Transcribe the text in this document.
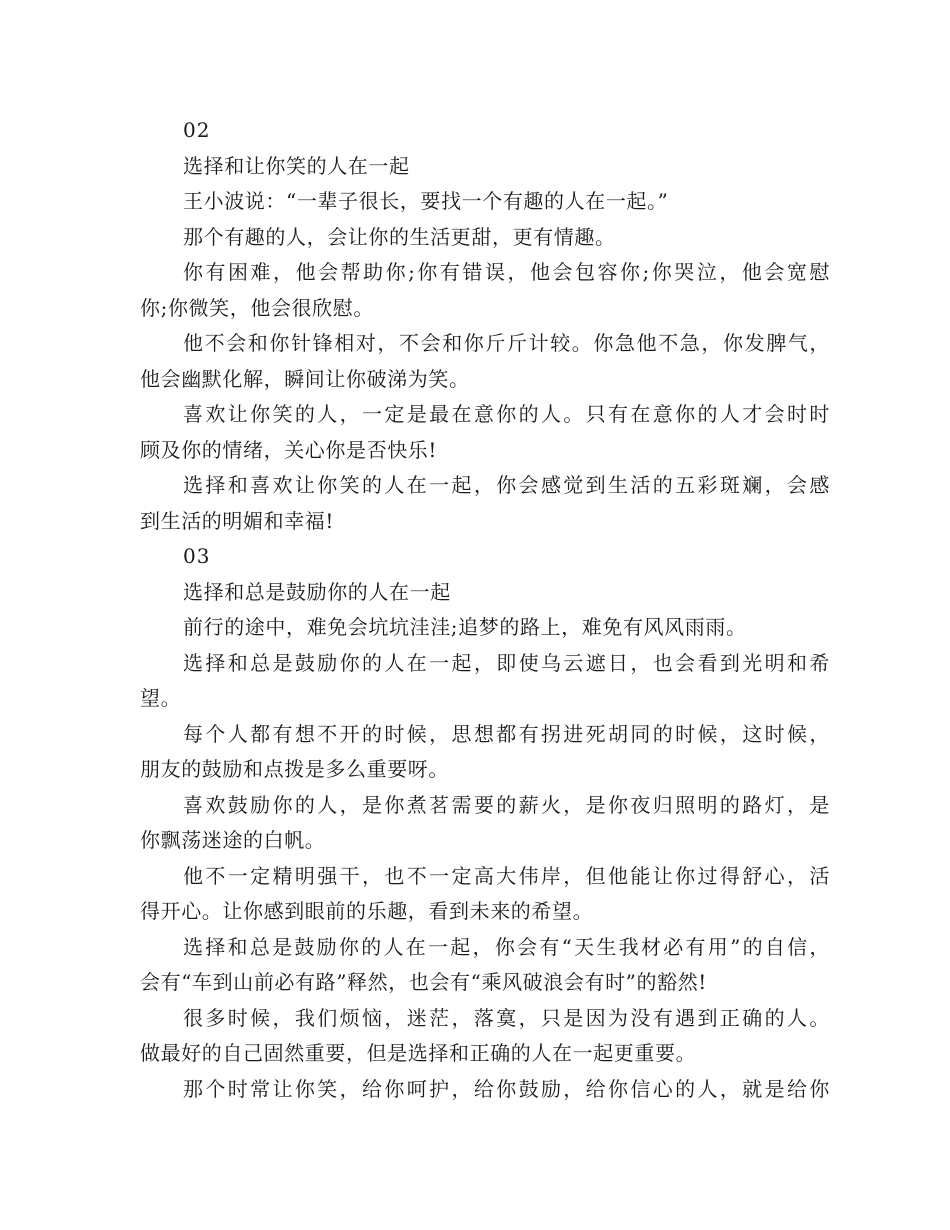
02

选择和让你笑的人在一起

王小波说：“一辈子很长，要找一个有趣的人在一起。”

那个有趣的人，会让你的生活更甜，更有情趣。

你有困难，他会帮助你;你有错误，他会包容你;你哭泣，他会宽慰

你;你微笑，他会很欣慰。

他不会和你针锋相对，不会和你斤斤计较。你急他不急，你发脾气，

他会幽默化解，瞬间让你破涕为笑。

喜欢让你笑的人，一定是最在意你的人。只有在意你的人才会时时

顾及你的情绪，关心你是否快乐!

选择和喜欢让你笑的人在一起，你会感觉到生活的五彩斑斓，会感

到生活的明媚和幸福!

03

选择和总是鼓励你的人在一起

前行的途中，难免会坑坑洼洼;追梦的路上，难免有风风雨雨。

选择和总是鼓励你的人在一起，即使乌云遮日，也会看到光明和希

望。

每个人都有想不开的时候，思想都有拐进死胡同的时候，这时候，

朋友的鼓励和点拨是多么重要呀。

喜欢鼓励你的人，是你煮茗需要的薪火，是你夜归照明的路灯，是

你飘荡迷途的白帆。

他不一定精明强干，也不一定高大伟岸，但他能让你过得舒心，活

得开心。让你感到眼前的乐趣，看到未来的希望。

选择和总是鼓励你的人在一起，你会有“天生我材必有用”的自信，

会有“车到山前必有路”释然，也会有“乘风破浪会有时”的豁然!

很多时候，我们烦恼，迷茫，落寞，只是因为没有遇到正确的人。

做最好的自己固然重要，但是选择和正确的人在一起更重要。

那个时常让你笑，给你呵护，给你鼓励，给你信心的人，就是给你
